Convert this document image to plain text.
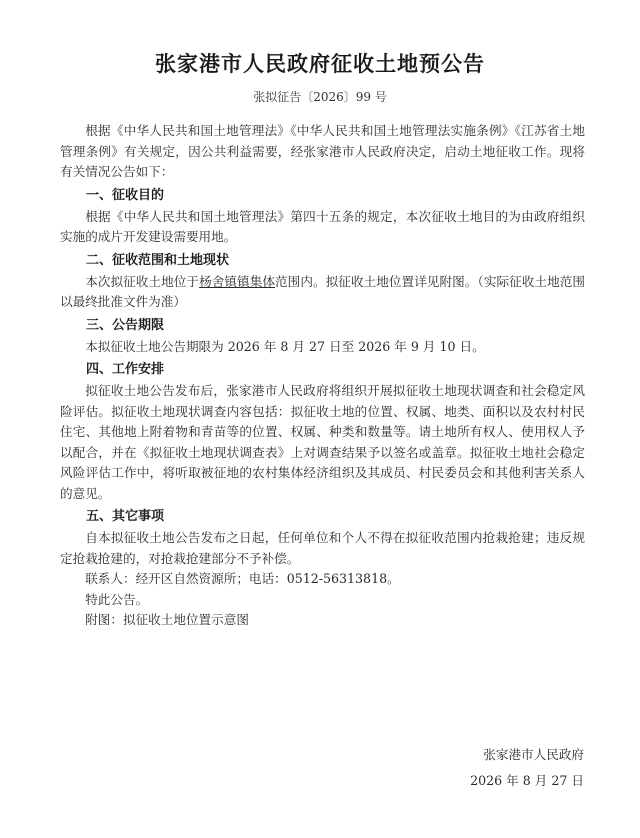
张家港市人民政府征收土地预公告
张拟征告〔2026〕99 号

根据《中华人民共和国土地管理法》《中华人民共和国土地管理法实施条例》《江苏省土地管理条例》有关规定，因公共利益需要，经张家港市人民政府决定，启动土地征收工作。现将有关情况公告如下：

一、征收目的

根据《中华人民共和国土地管理法》第四十五条的规定，本次征收土地目的为由政府组织实施的成片开发建设需要用地。

二、征收范围和土地现状

本次拟征收土地位于杨舍镇镇集体范围内。拟征收土地位置详见附图。（实际征收土地范围以最终批准文件为准）

三、公告期限

本拟征收土地公告期限为 2026 年 8 月 27 日至 2026 年 9 月 10 日。

四、工作安排

拟征收土地公告发布后，张家港市人民政府将组织开展拟征收土地现状调查和社会稳定风险评估。拟征收土地现状调查内容包括：拟征收土地的位置、权属、地类、面积以及农村村民住宅、其他地上附着物和青苗等的位置、权属、种类和数量等。请土地所有权人、使用权人予以配合，并在《拟征收土地现状调查表》上对调查结果予以签名或盖章。拟征收土地社会稳定风险评估工作中，将听取被征地的农村集体经济组织及其成员、村民委员会和其他利害关系人的意见。

五、其它事项

自本拟征收土地公告发布之日起，任何单位和个人不得在拟征收范围内抢栽抢建；违反规定抢栽抢建的，对抢栽抢建部分不予补偿。

联系人：经开区自然资源所；电话：0512-56313818。

特此公告。

附图：拟征收土地位置示意图

张家港市人民政府
2026 年 8 月 27 日
